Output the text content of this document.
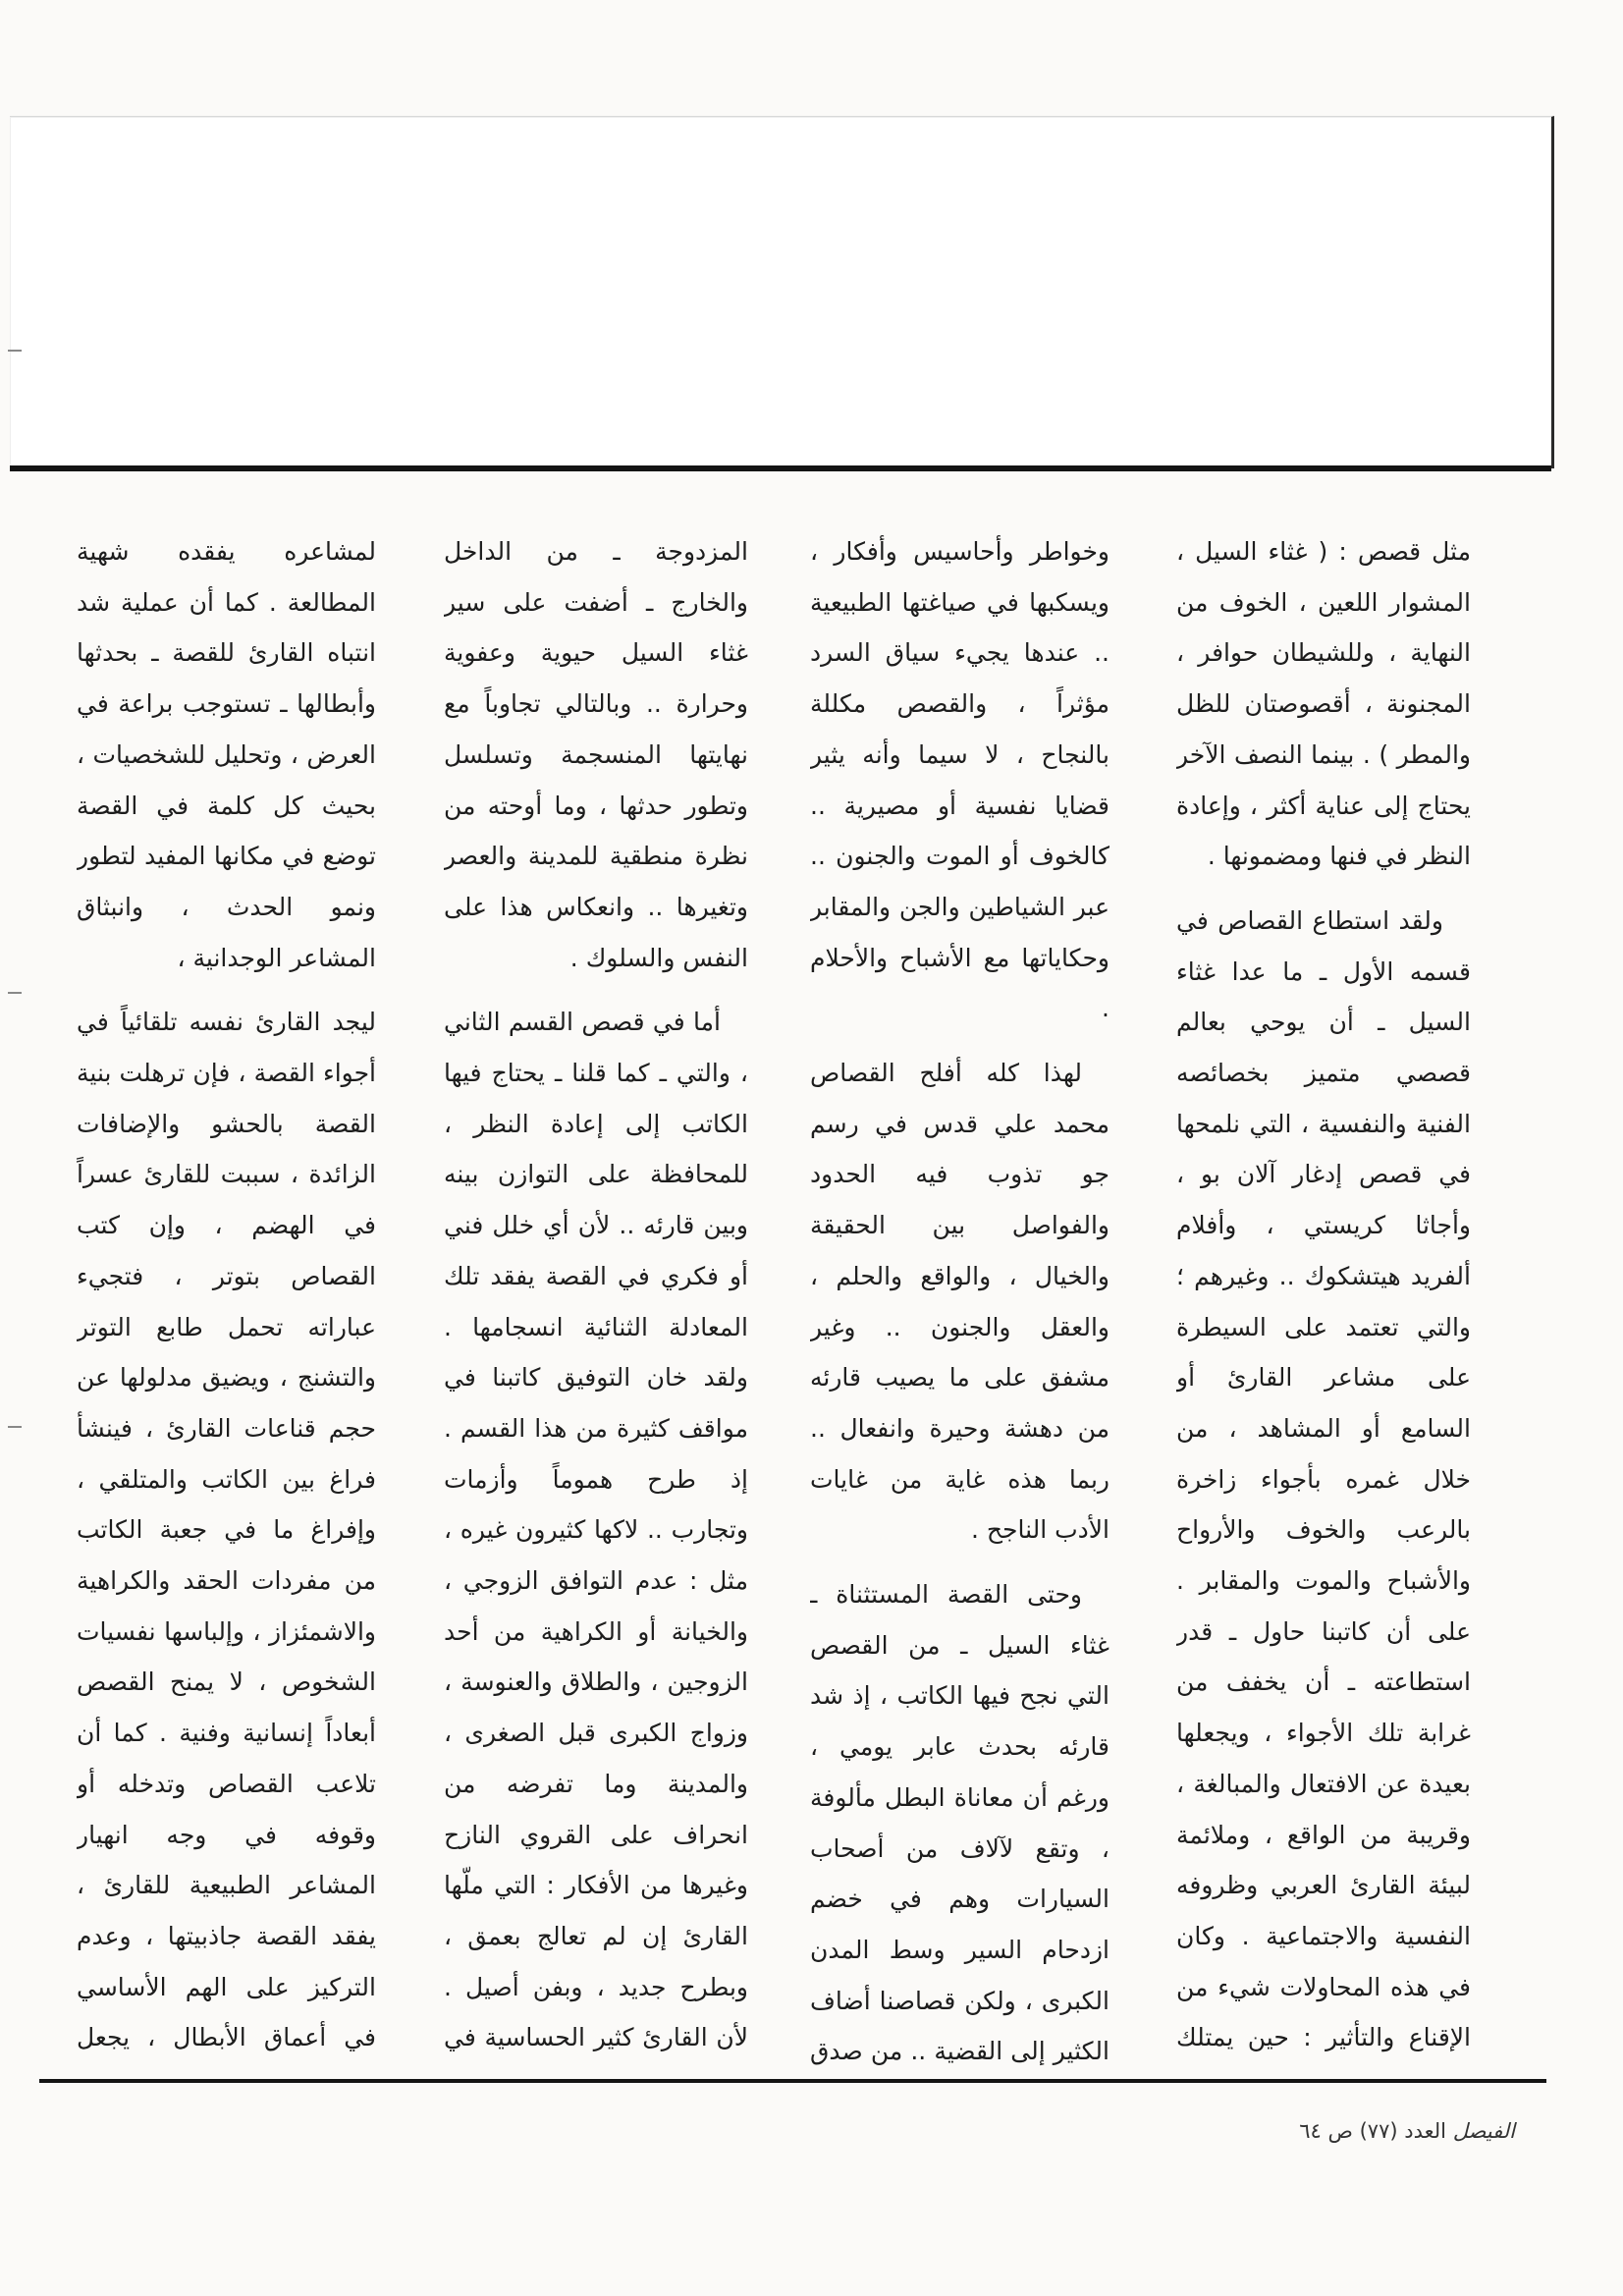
مثل قصص : ( غثاء السيل ، المشوار اللعين ، الخوف من النهاية ، وللشيطان حوافر ، المجنونة ، أقصوصتان للظل والمطر ) . بينما النصف الآخر يحتاج إلى عناية أكثر ، وإعادة النظر في فنها ومضمونها .

ولقد استطاع القصاص في قسمه الأول ـ ما عدا غثاء السيل ـ أن يوحي بعالم قصصي متميز بخصائصه الفنية والنفسية ، التي نلمحها في قصص إدغار آلان بو ، وأجاثا كريستي ، وأفلام ألفريد هيتشكوك .. وغيرهم ؛ والتي تعتمد على السيطرة على مشاعر القارئ أو السامع أو المشاهد ، من خلال غمره بأجواء زاخرة بالرعب والخوف والأرواح والأشباح والموت والمقابر . على أن كاتبنا حاول ـ قدر استطاعته ـ أن يخفف من غرابة تلك الأجواء ، ويجعلها بعيدة عن الافتعال والمبالغة ، وقريبة من الواقع ، وملائمة لبيئة القارئ العربي وظروفه النفسية والاجتماعية . وكان في هذه المحاولات شيء من الإقناع والتأثير : حين يمتلك

وخواطر وأحاسيس وأفكار ، ويسكبها في صياغتها الطبيعية .. عندها يجيء سياق السرد مؤثراً ، والقصص مكللة بالنجاح ، لا سيما وأنه يثير قضايا نفسية أو مصيرية .. كالخوف أو الموت والجنون .. عبر الشياطين والجن والمقابر وحكاياتها مع الأشباح والأحلام .

لهذا كله أفلح القصاص محمد علي قدس في رسم جو تذوب فيه الحدود والفواصل بين الحقيقة والخيال ، والواقع والحلم ، والعقل والجنون .. وغير مشفق على ما يصيب قارئه من دهشة وحيرة وانفعال .. ربما هذه غاية من غايات الأدب الناجح .

وحتى القصة المستثناة ـ غثاء السيل ـ من القصص التي نجح فيها الكاتب ، إذ شد قارئه بحدث عابر يومي ، ورغم أن معاناة البطل مألوفة ، وتقع لآلاف من أصحاب السيارات وهم في خضم ازدحام السير وسط المدن الكبرى ، ولكن قصاصنا أضاف الكثير إلى القضية .. من صدق

المزدوجة ـ من الداخل والخارج ـ أضفت على سير غثاء السيل حيوية وعفوية وحرارة .. وبالتالي تجاوباً مع نهايتها المنسجمة وتسلسل وتطور حدثها ، وما أوحته من نظرة منطقية للمدينة والعصر وتغيرها .. وانعكاس هذا على النفس والسلوك .

أما في قصص القسم الثاني ، والتي ـ كما قلنا ـ يحتاج فيها الكاتب إلى إعادة النظر ، للمحافظة على التوازن بينه وبين قارئه .. لأن أي خلل فني أو فكري في القصة يفقد تلك المعادلة الثنائية انسجامها . ولقد خان التوفيق كاتبنا في مواقف كثيرة من هذا القسم . إذ طرح هموماً وأزمات وتجارب .. لاكها كثيرون غيره ، مثل : عدم التوافق الزوجي ، والخيانة أو الكراهية من أحد الزوجين ، والطلاق والعنوسة ، وزواج الكبرى قبل الصغرى ، والمدينة وما تفرضه من انحراف على القروي النازح وغيرها من الأفكار : التي ملّها القارئ إن لم تعالج بعمق ، وبطرح جديد ، وبفن أصيل . لأن القارئ كثير الحساسية في

لمشاعره يفقده شهية المطالعة . كما أن عملية شد انتباه القارئ للقصة ـ بحدثها وأبطالها ـ تستوجب براعة في العرض ، وتحليل للشخصيات ، بحيث كل كلمة في القصة توضع في مكانها المفيد لتطور ونمو الحدث ، وانبثاق المشاعر الوجدانية ،

ليجد القارئ نفسه تلقائياً في أجواء القصة ، فإن ترهلت بنية القصة بالحشو والإضافات الزائدة ، سببت للقارئ عسراً في الهضم ، وإن كتب القصاص بتوتر ، فتجيء عباراته تحمل طابع التوتر والتشنج ، ويضيق مدلولها عن حجم قناعات القارئ ، فينشأ فراغ بين الكاتب والمتلقي ، وإفراغ ما في جعبة الكاتب من مفردات الحقد والكراهية والاشمئزاز ، وإلباسها نفسيات الشخوص ، لا يمنح القصص أبعاداً إنسانية وفنية . كما أن تلاعب القصاص وتدخله أو وقوفه في وجه انهيار المشاعر الطبيعية للقارئ ، يفقد القصة جاذبيتها ، وعدم التركيز على الهم الأساسي في أعماق الأبطال ، يجعل

الفيصل العدد (٧٧) ص ٦٤
